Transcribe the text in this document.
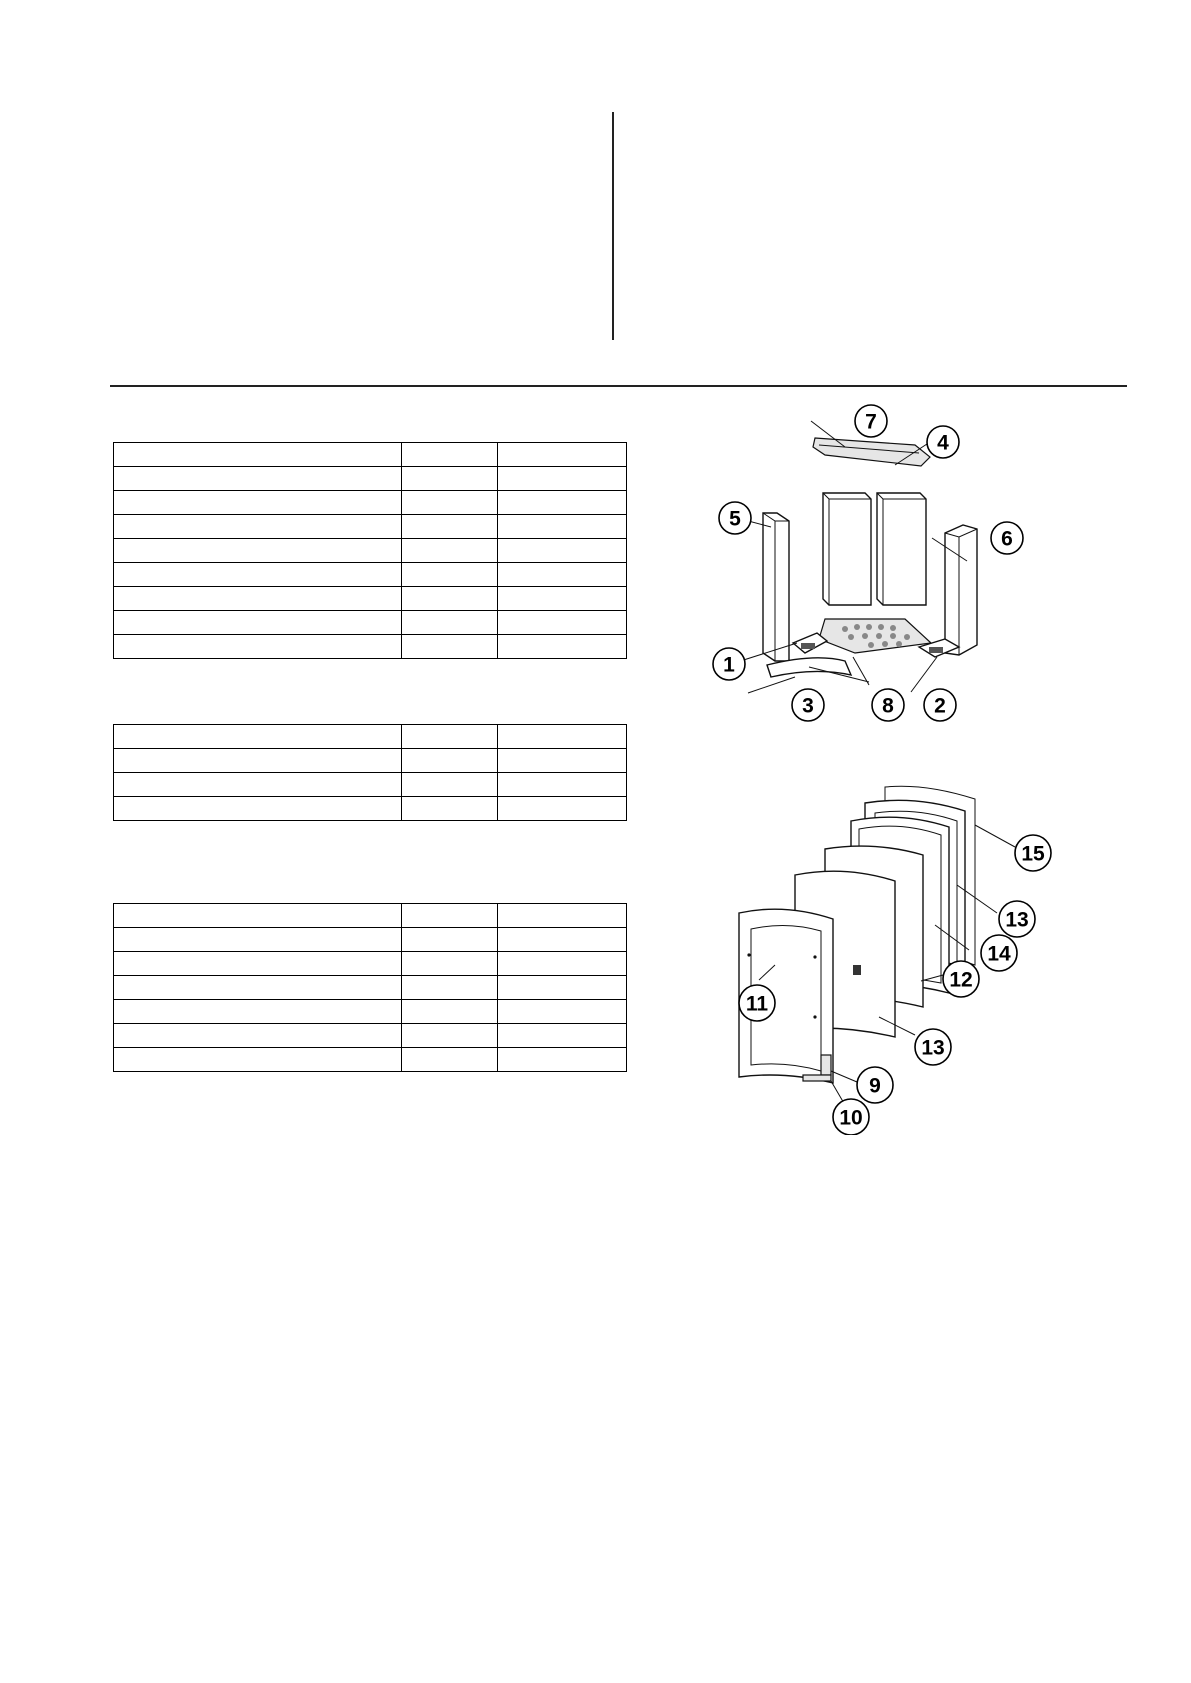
7
4
5
6
1
3	8 2
15
13
14
12
13
11
9
10
